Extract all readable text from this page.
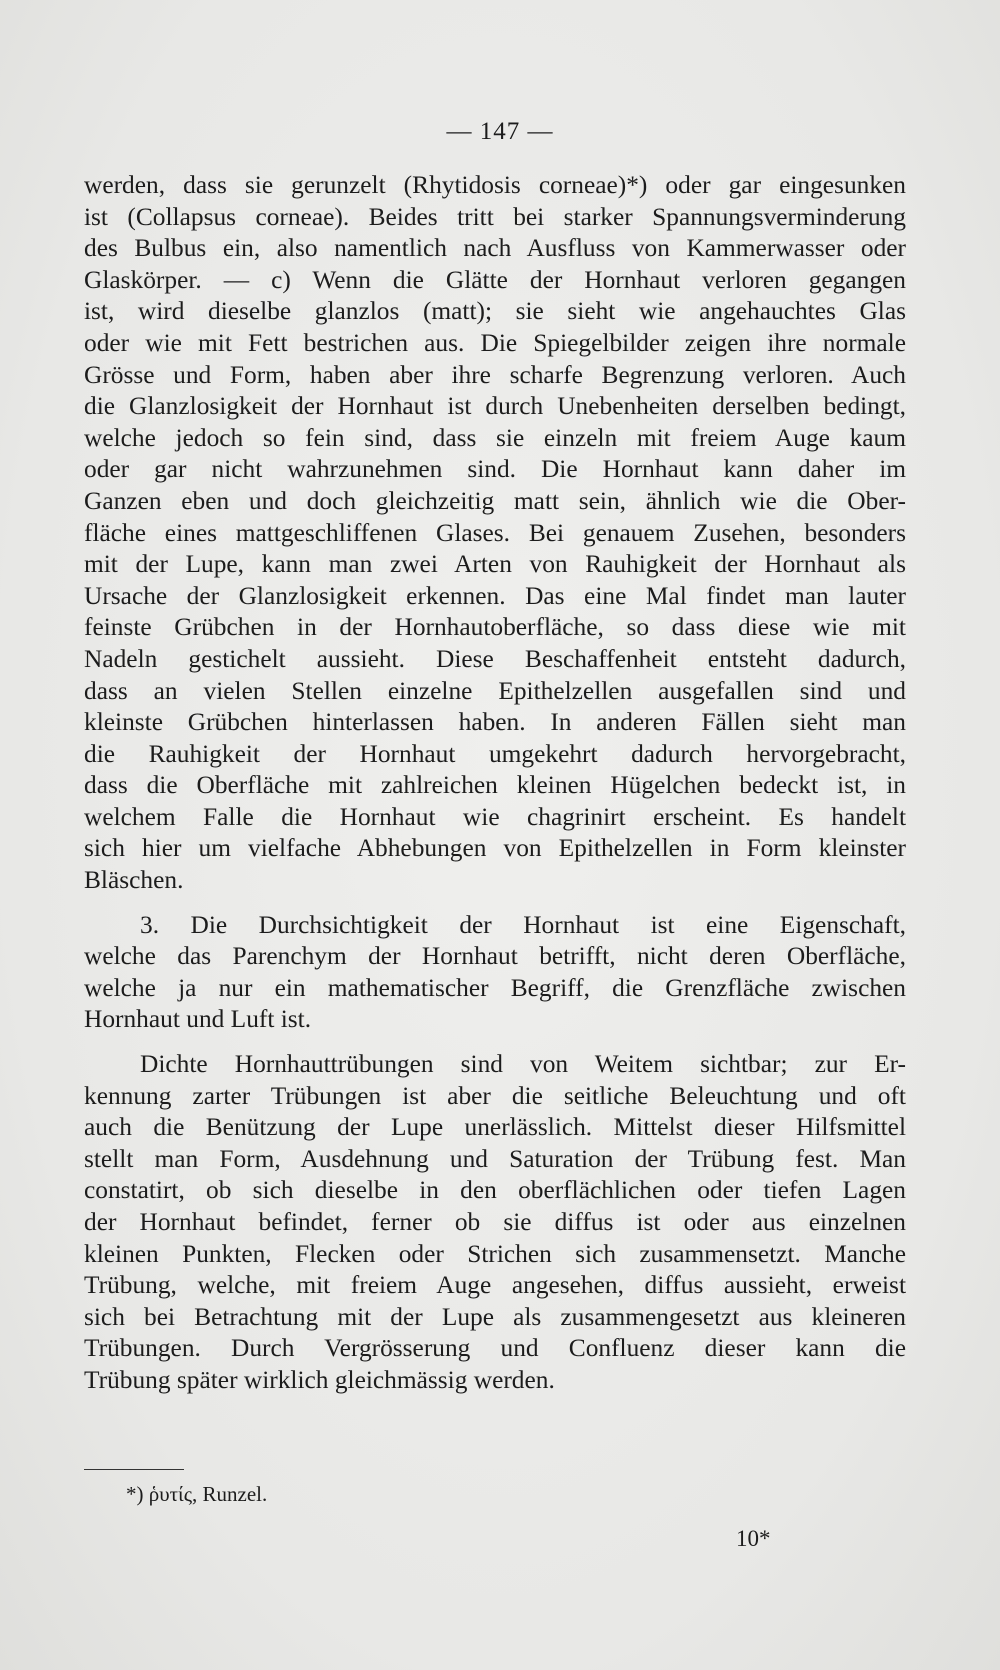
— 147 —
werden, dass sie gerunzelt (Rhytidosis corneae)*) oder gar eingesunken
ist (Collapsus corneae). Beides tritt bei starker Spannungsverminderung
des Bulbus ein, also namentlich nach Ausfluss von Kammerwasser oder
Glaskörper. — c) Wenn die Glätte der Hornhaut verloren gegangen
ist, wird dieselbe glanzlos (matt); sie sieht wie angehauchtes Glas
oder wie mit Fett bestrichen aus. Die Spiegelbilder zeigen ihre normale
Grösse und Form, haben aber ihre scharfe Begrenzung verloren. Auch
die Glanzlosigkeit der Hornhaut ist durch Unebenheiten derselben bedingt,
welche jedoch so fein sind, dass sie einzeln mit freiem Auge kaum
oder gar nicht wahrzunehmen sind. Die Hornhaut kann daher im
Ganzen eben und doch gleichzeitig matt sein, ähnlich wie die Ober-
fläche eines mattgeschliffenen Glases. Bei genauem Zusehen, besonders
mit der Lupe, kann man zwei Arten von Rauhigkeit der Hornhaut als
Ursache der Glanzlosigkeit erkennen. Das eine Mal findet man lauter
feinste Grübchen in der Hornhautoberfläche, so dass diese wie mit
Nadeln gestichelt aussieht. Diese Beschaffenheit entsteht dadurch,
dass an vielen Stellen einzelne Epithelzellen ausgefallen sind und
kleinste Grübchen hinterlassen haben. In anderen Fällen sieht man
die Rauhigkeit der Hornhaut umgekehrt dadurch hervorgebracht,
dass die Oberfläche mit zahlreichen kleinen Hügelchen bedeckt ist, in
welchem Falle die Hornhaut wie chagrinirt erscheint. Es handelt
sich hier um vielfache Abhebungen von Epithelzellen in Form kleinster
Bläschen.
3. Die Durchsichtigkeit der Hornhaut ist eine Eigenschaft,
welche das Parenchym der Hornhaut betrifft, nicht deren Oberfläche,
welche ja nur ein mathematischer Begriff, die Grenzfläche zwischen
Hornhaut und Luft ist.
Dichte Hornhauttrübungen sind von Weitem sichtbar; zur Er-
kennung zarter Trübungen ist aber die seitliche Beleuchtung und oft
auch die Benützung der Lupe unerlässlich. Mittelst dieser Hilfsmittel
stellt man Form, Ausdehnung und Saturation der Trübung fest. Man
constatirt, ob sich dieselbe in den oberflächlichen oder tiefen Lagen
der Hornhaut befindet, ferner ob sie diffus ist oder aus einzelnen
kleinen Punkten, Flecken oder Strichen sich zusammensetzt. Manche
Trübung, welche, mit freiem Auge angesehen, diffus aussieht, erweist
sich bei Betrachtung mit der Lupe als zusammengesetzt aus kleineren
Trübungen. Durch Vergrösserung und Confluenz dieser kann die
Trübung später wirklich gleichmässig werden.
*) ῥυτίς, Runzel.
10*
